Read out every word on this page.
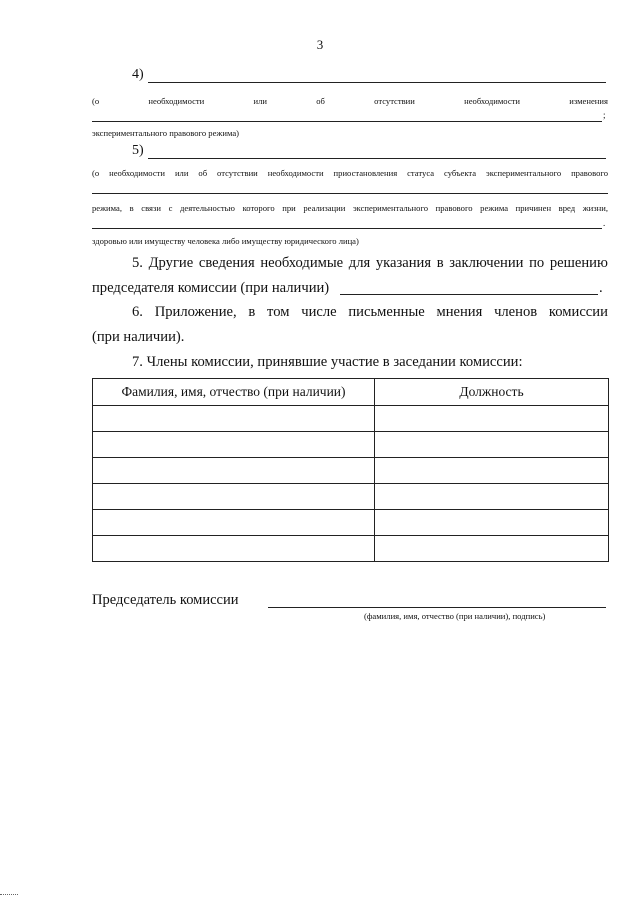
3
4)
(о	необходимости	или	об	отсутствии	необходимости	изменения
;
экспериментального правового режима)
5)
(о необходимости или об отсутствии необходимости приостановления статуса субъекта экспериментального правового
режима, в связи с деятельностью которого при реализации экспериментального правового режима причинен вред жизни,
.
здоровью или имуществу человека либо имуществу юридического лица)
5. Другие сведения необходимые для указания в заключении по решению
председателя комиссии (при наличии)	.
6. Приложение, в том числе письменные мнения членов комиссии
(при наличии).
7. Члены комиссии, принявшие участие в заседании комиссии:
Фамилия, имя, отчество (при наличии)	Должность

Председатель комиссии
(фамилия, имя, отчество (при наличии), подпись)
